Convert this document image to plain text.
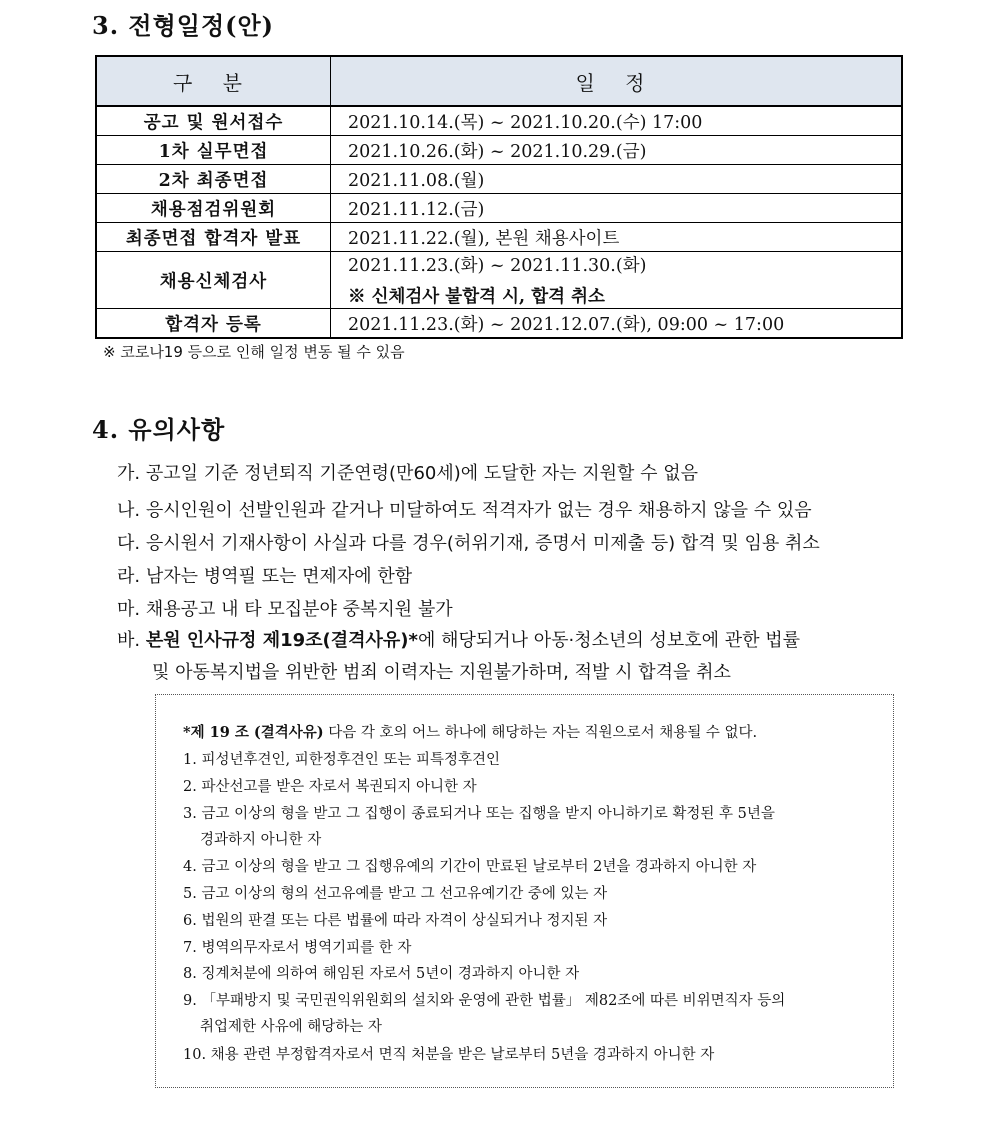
3. 전형일정(안)
구 분	일 정
공고 및 원서접수	2021.10.14.(목) ~ 2021.10.20.(수) 17:00
1차 실무면접	2021.10.26.(화) ~ 2021.10.29.(금)
2차 최종면접	2021.11.08.(월)
채용점검위원회	2021.11.12.(금)
최종면접 합격자 발표	2021.11.22.(월), 본원 채용사이트
채용신체검사	2021.11.23.(화) ~ 2021.11.30.(화)
※ 신체검사 불합격 시, 합격 취소

합격자 등록	2021.11.23.(화) ~ 2021.12.07.(화), 09:00 ~ 17:00
※ 코로나19 등으로 인해 일정 변동 될 수 있음
4. 유의사항
가. 공고일 기준 정년퇴직 기준연령(만60세)에 도달한 자는 지원할 수 없음
나. 응시인원이 선발인원과 같거나 미달하여도 적격자가 없는 경우 채용하지 않을 수 있음
다. 응시원서 기재사항이 사실과 다를 경우(허위기재, 증명서 미제출 등) 합격 및 임용 취소
라. 남자는 병역필 또는 면제자에 한함
마. 채용공고 내 타 모집분야 중복지원 불가
바. 본원 인사규정 제19조(결격사유)*에 해당되거나 아동·청소년의 성보호에 관한 법률
및 아동복지법을 위반한 범죄 이력자는 지원불가하며, 적발 시 합격을 취소
*제 19 조 (결격사유) 다음 각 호의 어느 하나에 해당하는 자는 직원으로서 채용될 수 없다.
1. 피성년후견인, 피한정후견인 또는 피특정후견인
2. 파산선고를 받은 자로서 복권되지 아니한 자
3. 금고 이상의 형을 받고 그 집행이 종료되거나 또는 집행을 받지 아니하기로 확정된 후 5년을
경과하지 아니한 자
4. 금고 이상의 형을 받고 그 집행유예의 기간이 만료된 날로부터 2년을 경과하지 아니한 자
5. 금고 이상의 형의 선고유예를 받고 그 선고유예기간 중에 있는 자
6. 법원의 판결 또는 다른 법률에 따라 자격이 상실되거나 정지된 자
7. 병역의무자로서 병역기피를 한 자
8. 징계처분에 의하여 해임된 자로서 5년이 경과하지 아니한 자
9. 「부패방지 및 국민권익위원회의 설치와 운영에 관한 법률」 제82조에 따른 비위면직자 등의
취업제한 사유에 해당하는 자
10. 채용 관련 부정합격자로서 면직 처분을 받은 날로부터 5년을 경과하지 아니한 자
